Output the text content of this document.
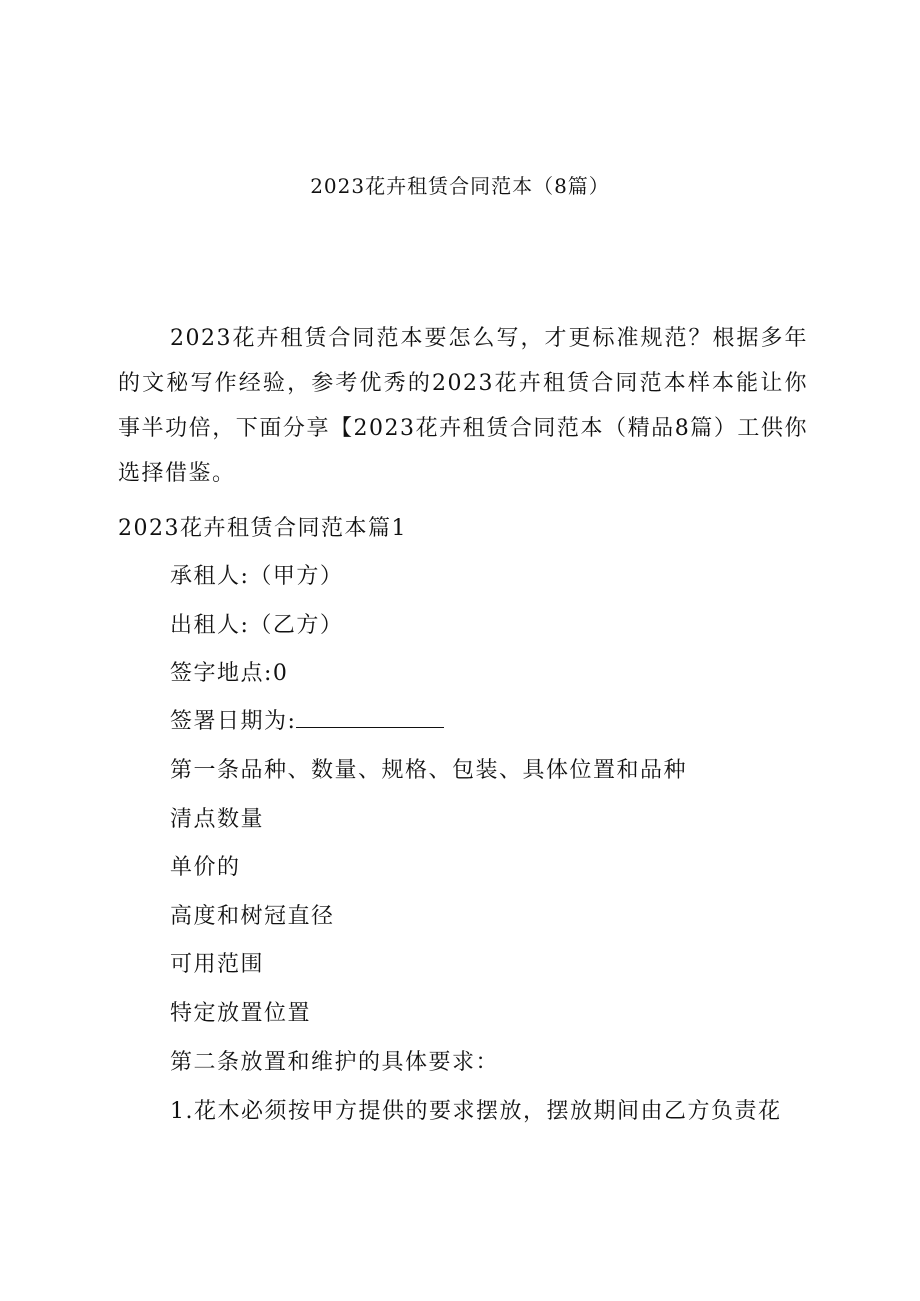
2023花卉租赁合同范本（8篇）

2023花卉租赁合同范本要怎么写，才更标准规范？根据多年的文秘写作经验，参考优秀的2023花卉租赁合同范本样本能让你事半功倍，下面分享【2023花卉租赁合同范本（精品8篇）工供你选择借鉴。

2023花卉租赁合同范本篇1
承租人:（甲方）
出租人:（乙方）
签字地点:0
签署日期为:
第一条品种、数量、规格、包装、具体位置和品种
清点数量
单价的
高度和树冠直径
可用范围
特定放置位置
第二条放置和维护的具体要求：
1.花木必须按甲方提供的要求摆放，摆放期间由乙方负责花
